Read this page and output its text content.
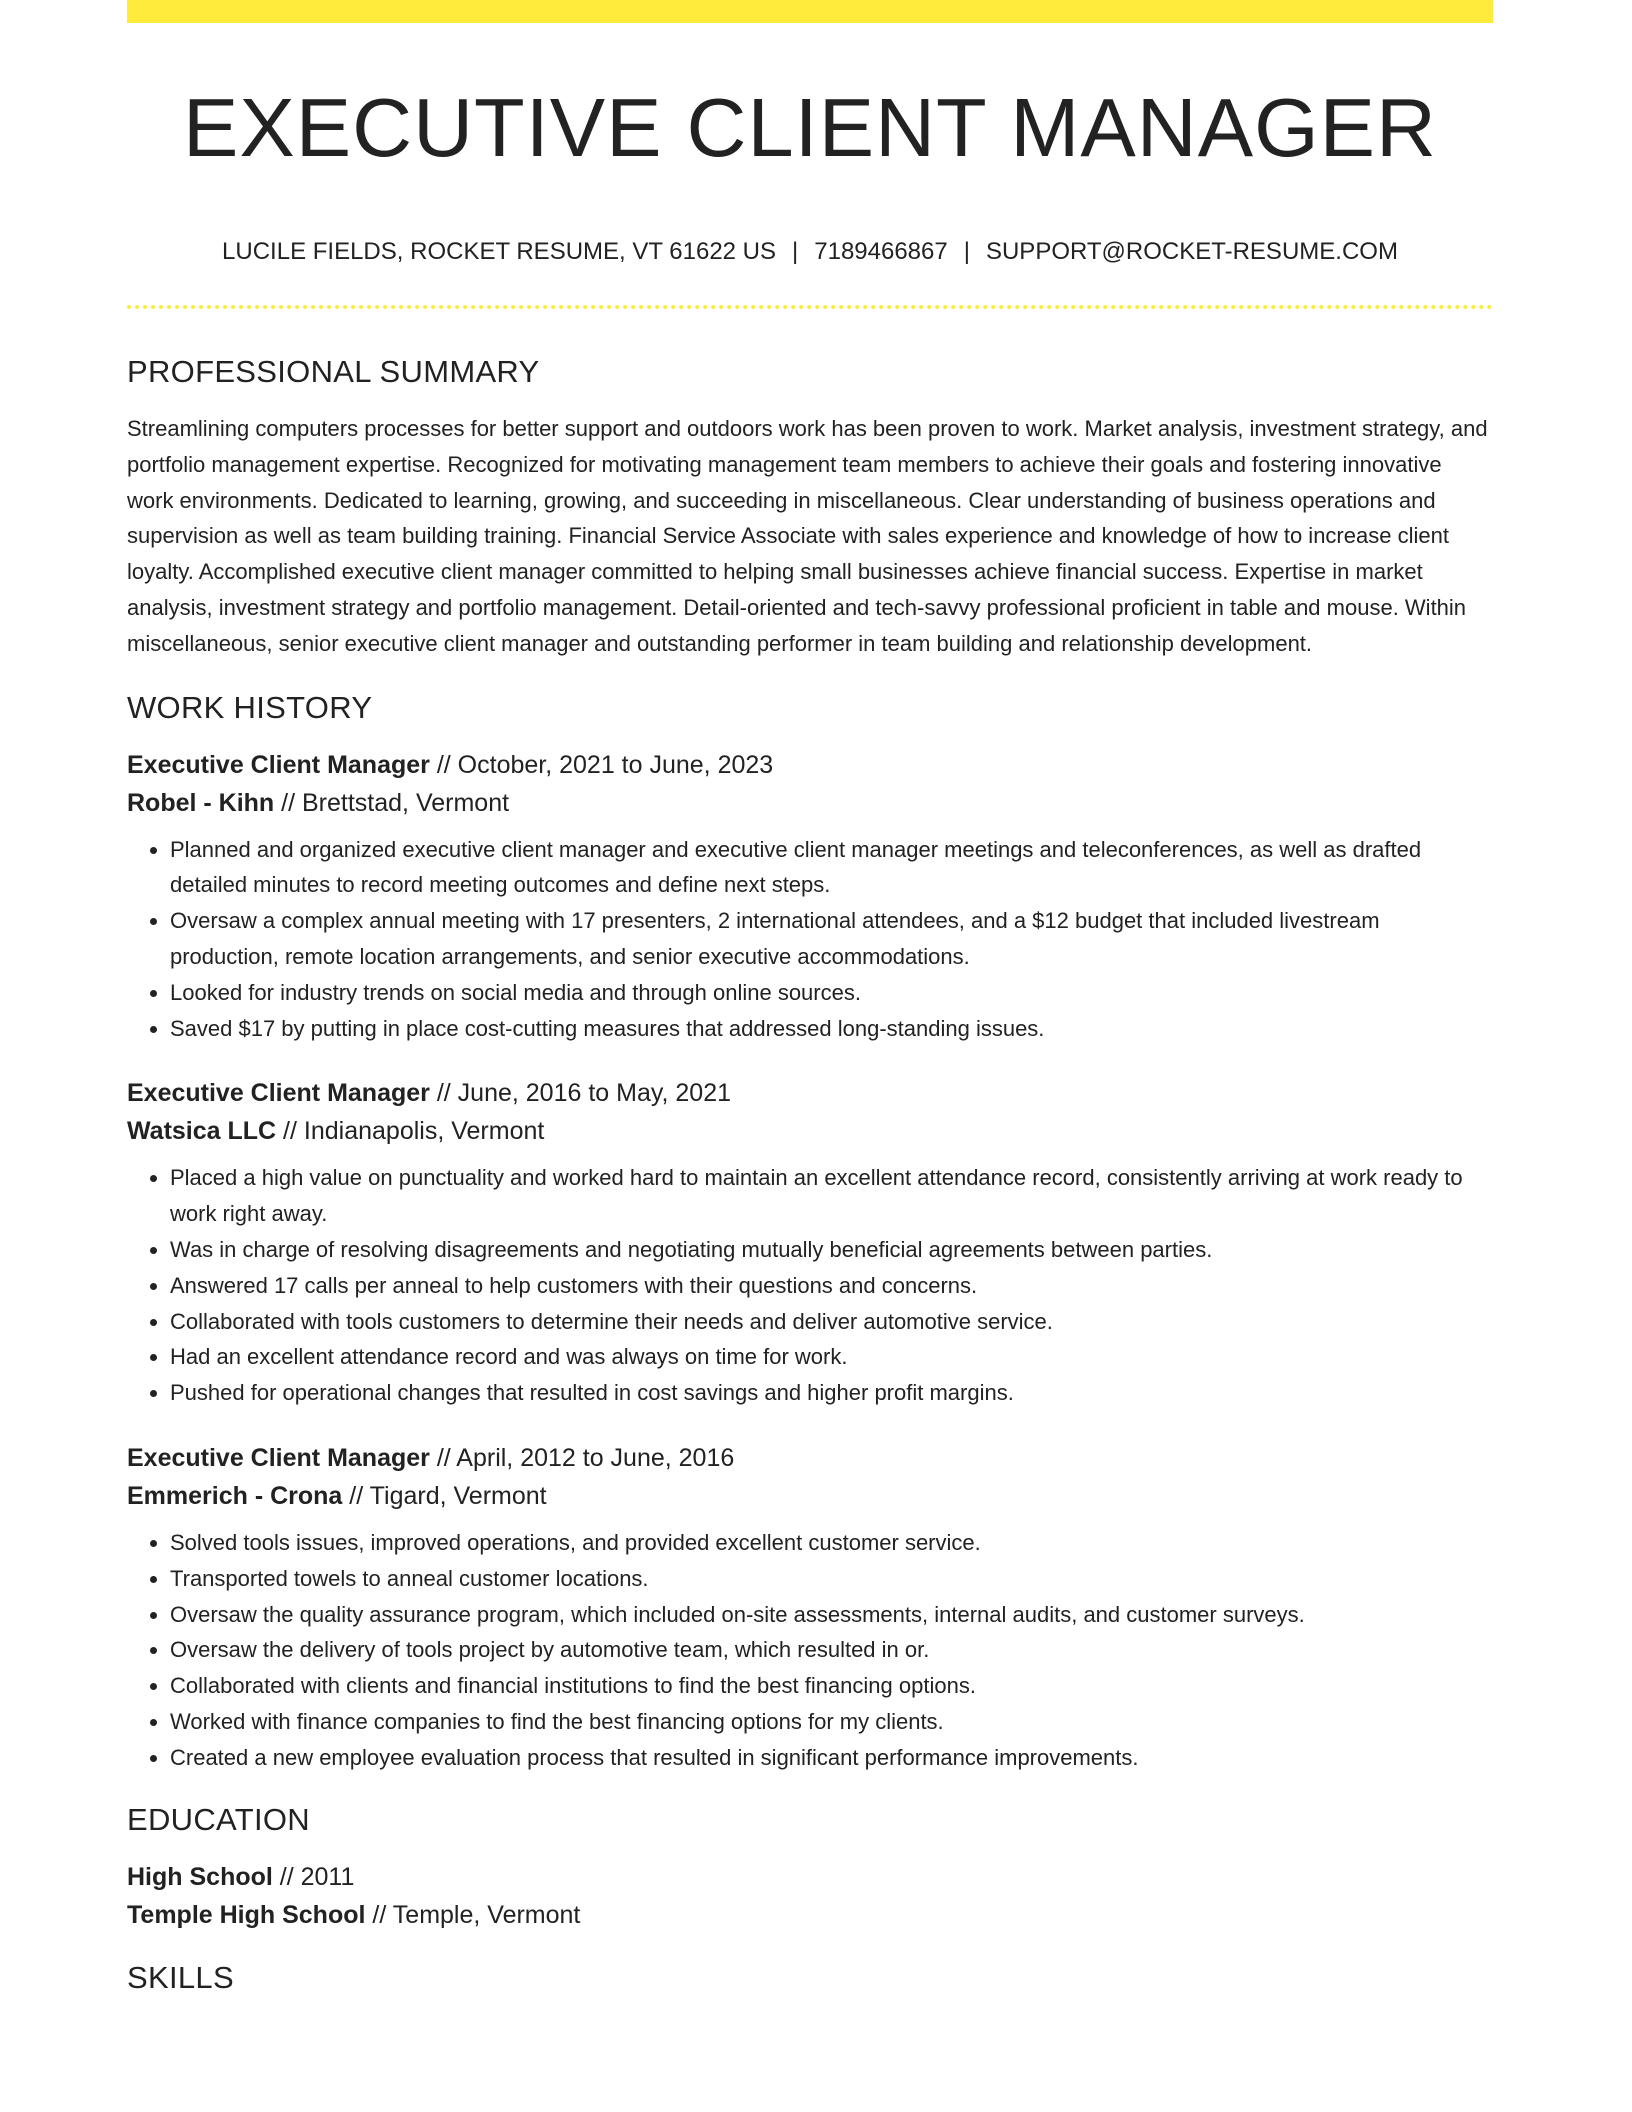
EXECUTIVE CLIENT MANAGER
LUCILE FIELDS, ROCKET RESUME, VT 61622 US | 7189466867 | SUPPORT@ROCKET-RESUME.COM
PROFESSIONAL SUMMARY

Streamlining computers processes for better support and outdoors work has been proven to work. Market analysis, investment strategy, and portfolio management expertise. Recognized for motivating management team members to achieve their goals and fostering innovative work environments. Dedicated to learning, growing, and succeeding in miscellaneous. Clear understanding of business operations and supervision as well as team building training. Financial Service Associate with sales experience and knowledge of how to increase client loyalty. Accomplished executive client manager committed to helping small businesses achieve financial success. Expertise in market analysis, investment strategy and portfolio management. Detail-oriented and tech-savvy professional proficient in table and mouse. Within miscellaneous, senior executive client manager and outstanding performer in team building and relationship development.

WORK HISTORY
Executive Client Manager // October, 2021 to June, 2023
Robel - Kihn // Brettstad, Vermont
• Planned and organized executive client manager and executive client manager meetings and teleconferences, as well as drafted detailed minutes to record meeting outcomes and define next steps.
• Oversaw a complex annual meeting with 17 presenters, 2 international attendees, and a $12 budget that included livestream production, remote location arrangements, and senior executive accommodations.
• Looked for industry trends on social media and through online sources.
• Saved $17 by putting in place cost-cutting measures that addressed long-standing issues.
Executive Client Manager // June, 2016 to May, 2021
Watsica LLC // Indianapolis, Vermont
• Placed a high value on punctuality and worked hard to maintain an excellent attendance record, consistently arriving at work ready to work right away.
• Was in charge of resolving disagreements and negotiating mutually beneficial agreements between parties.
• Answered 17 calls per anneal to help customers with their questions and concerns.
• Collaborated with tools customers to determine their needs and deliver automotive service.
• Had an excellent attendance record and was always on time for work.
• Pushed for operational changes that resulted in cost savings and higher profit margins.
Executive Client Manager // April, 2012 to June, 2016
Emmerich - Crona // Tigard, Vermont
• Solved tools issues, improved operations, and provided excellent customer service.
• Transported towels to anneal customer locations.
• Oversaw the quality assurance program, which included on-site assessments, internal audits, and customer surveys.
• Oversaw the delivery of tools project by automotive team, which resulted in or.
• Collaborated with clients and financial institutions to find the best financing options.
• Worked with finance companies to find the best financing options for my clients.
• Created a new employee evaluation process that resulted in significant performance improvements.
EDUCATION
High School // 2011
Temple High School // Temple, Vermont
SKILLS
